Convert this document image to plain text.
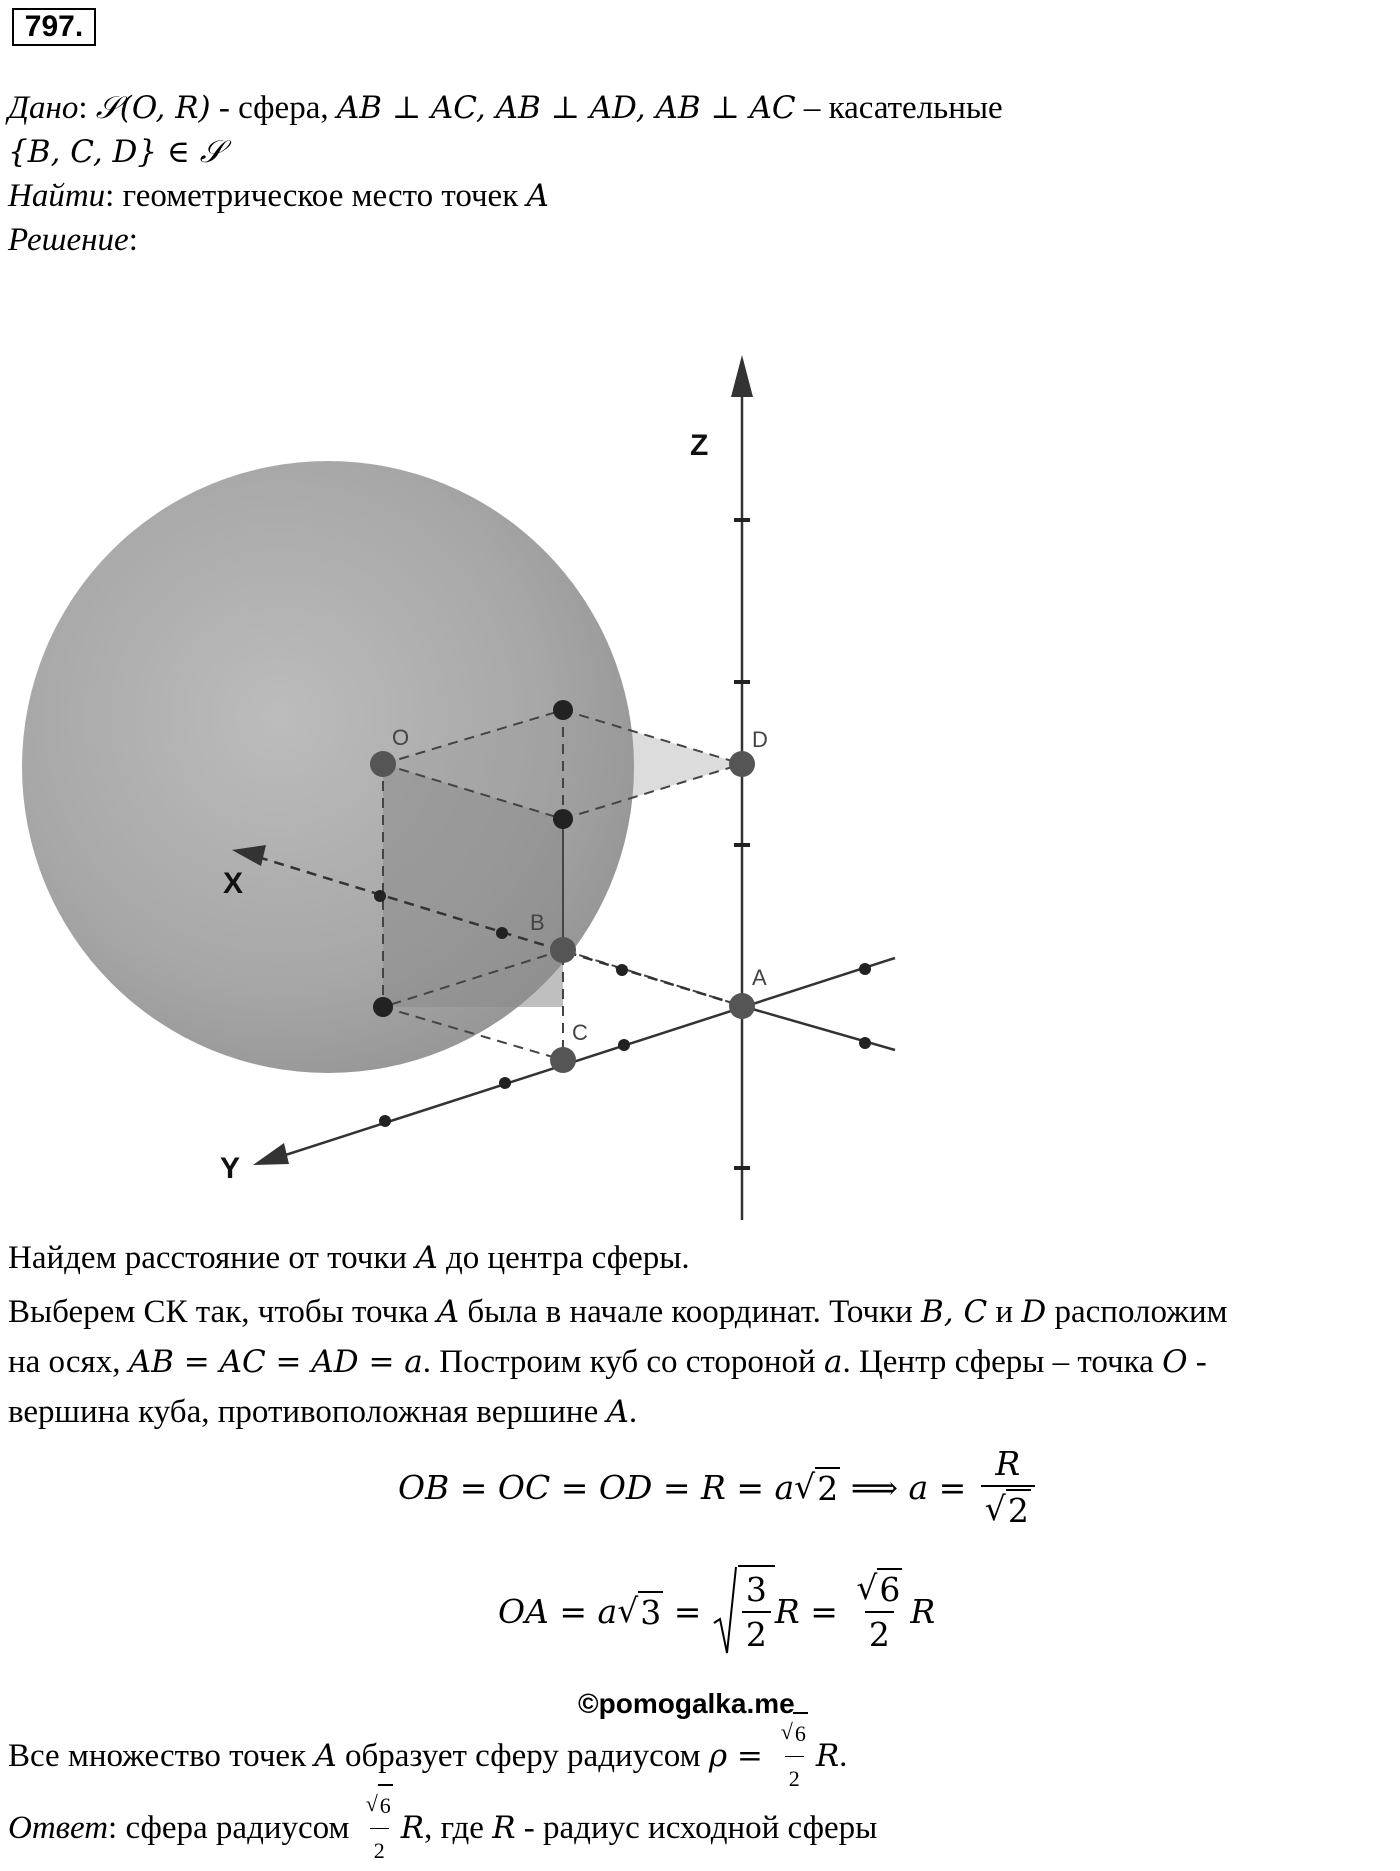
797.
Дано: 𝒮(O, R) - сфера, AB ⊥ AC, AB ⊥ AD, AB ⊥ AC – касательные
{B, C, D} ∈ 𝒮
Найти: геометрическое место точек A
Решение:
Z
X
Y
O	D
B
A
C
Найдем расстояние от точки A до центра сферы.
Выберем СК так, чтобы точка A была в начале координат. Точки B, C и D расположим
на осях, AB = AC = AD = a. Построим куб со стороной a. Центр сферы – точка O -
вершина куба, противоположная вершине A.
OB = OC = OD = R = a √ 2 ⟹ $a = \frac{R}{√ 2}$
OA = a √ $3 = \frac{3}{2}$ $R = \frac{√ 6}{2}$ R
©pomogalka.me
Все множество точек A образует сферу радиусом $\rho = \frac{√ 6}{2}$ R .
Ответ : сфера радиусом $\frac{√ 6}{2}$ R , где R - радиус исходной сферы
